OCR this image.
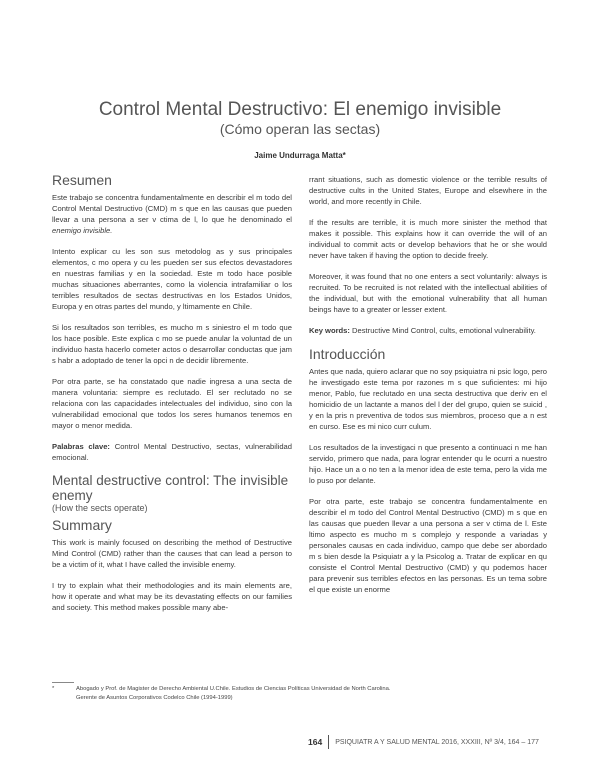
Control Mental Destructivo: El enemigo invisible
(Cómo operan las sectas)
Jaime Undurraga Matta*
Resumen

Este trabajo se concentra fundamentalmente en describir el m todo del Control Mental Destructivo (CMD) m s que en las causas que pueden llevar a una persona a ser v ctima de l, lo que he denominado el enemigo invisible.

Intento explicar cu les son sus metodolog as y sus principales elementos, c mo opera y cu les pueden ser sus efectos devastadores en nuestras familias y en la sociedad. Este m todo hace posible muchas situaciones aberrantes, como la violencia intrafamiliar o los terribles resultados de sectas destructivas en los Estados Unidos, Europa y en otras partes del mundo, y ltimamente en Chile.

Si los resultados son terribles, es mucho m s siniestro el m todo que los hace posible. Este explica c mo se puede anular la voluntad de un individuo hasta hacerlo cometer actos o desarrollar conductas que jam s habr a adoptado de tener la opci n de decidir libremente.

Por otra parte, se ha constatado que nadie ingresa a una secta de manera voluntaria: siempre es reclutado. El ser reclutado no se relaciona con las capacidades intelectuales del individuo, sino con la vulnerabilidad emocional que todos los seres humanos tenemos en mayor o menor medida.

Palabras clave: Control Mental Destructivo, sectas, vulnerabilidad emocional.

Mental destructive control: The invisible enemy
(How the sects operate)
Summary

This work is mainly focused on describing the method of Destructive Mind Control (CMD) rather than the causes that can lead a person to be a victim of it, what I have called the invisible enemy.

I try to explain what their methodologies and its main elements are, how it operate and what may be its devastating effects on our families and society. This method makes possible many abe-

rrant situations, such as domestic violence or the terrible results of destructive cults in the United States, Europe and elsewhere in the world, and more recently in Chile.

If the results are terrible, it is much more sinister the method that makes it possible. This explains how it can override the will of an individual to commit acts or develop behaviors that he or she would never have taken if having the option to decide freely.

Moreover, it was found that no one enters a sect voluntarily: always is recruited. To be recruited is not related with the intellectual abilities of the individual, but with the emotional vulnerability that all human beings have to a greater or lesser extent.

Key words: Destructive Mind Control, cults, emotional vulnerability.

Introducción

Antes que nada, quiero aclarar que no soy psiquiatra ni psic logo, pero he investigado este tema por razones m s que suficientes: mi hijo menor, Pablo, fue reclutado en una secta destructiva que deriv en el homicidio de un lactante a manos del l der del grupo, quien se suicid , y en la pris n preventiva de todos sus miembros, proceso que a n est en curso. Ese es mi nico curr culum.

Los resultados de la investigaci n que presento a continuaci n me han servido, primero que nada, para lograr entender qu le ocurri a nuestro hijo. Hace un a o no ten a la menor idea de este tema, pero la vida me lo puso por delante.

Por otra parte, este trabajo se concentra fundamentalmente en describir el m todo del Control Mental Destructivo (CMD) m s que en las causas que pueden llevar a una persona a ser v ctima de l. Este ltimo aspecto es mucho m s complejo y responde a variadas y personales causas en cada individuo, campo que debe ser abordado m s bien desde la Psiquiatr a y la Psicolog a. Tratar de explicar en qu consiste el Control Mental Destructivo (CMD) y qu podemos hacer para prevenir sus terribles efectos en las personas. Es un tema sobre el que existe un enorme

*	Abogado y Prof. de Magister de Derecho Ambiental U.Chile. Estudios de Ciencias Políticas Universidad de North Carolina.
Gerente de Asuntos Corporativos Codelco Chile (1994-1999)
164	PSIQUIATR A Y SALUD MENTAL 2016, XXXIII, Nº 3/4, 164 – 177
